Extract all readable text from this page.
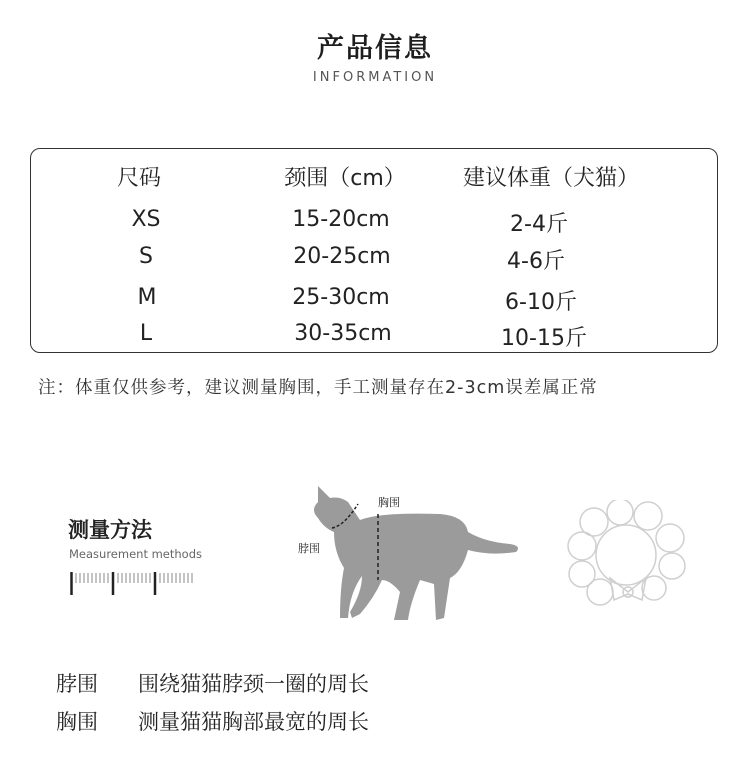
产品信息
INFORMATION
尺码	颈围（cm）	建议体重（犬猫）
XS	15-20cm	2-4斤
S	20-25cm	4-6斤
M	25-30cm	6-10斤
L	30-35cm	10-15斤
注：体重仅供参考，建议测量胸围，手工测量存在2-3cm误差属正常
测量方法
Measurement methods
胸围
脖围
脖围 围绕猫猫脖颈一圈的周长
胸围 测量猫猫胸部最宽的周长
